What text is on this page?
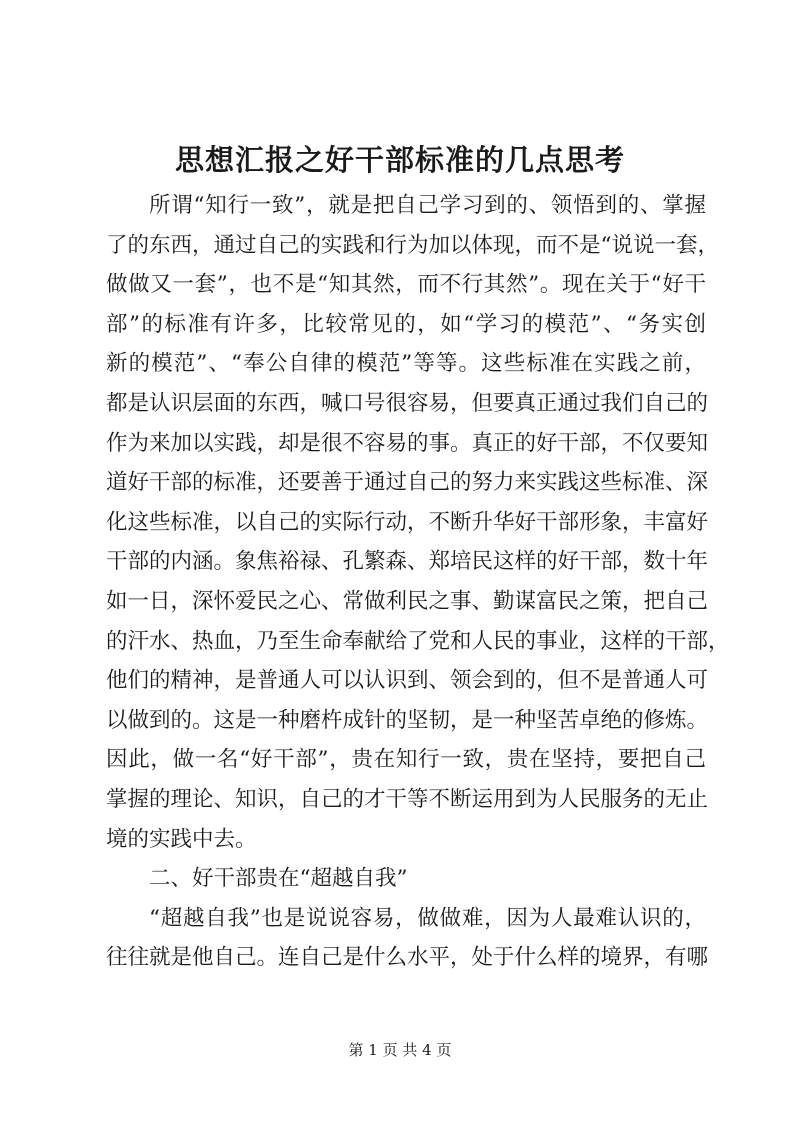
思想汇报之好干部标准的几点思考
所谓“知行一致”，就是把自己学习到的、领悟到的、掌握
了的东西，通过自己的实践和行为加以体现，而不是“说说一套，
做做又一套”，也不是“知其然，而不行其然”。现在关于“好干
部”的标准有许多，比较常见的，如“学习的模范”、“务实创
新的模范”、“奉公自律的模范”等等。这些标准在实践之前，
都是认识层面的东西，喊口号很容易，但要真正通过我们自己的
作为来加以实践，却是很不容易的事。真正的好干部，不仅要知
道好干部的标准，还要善于通过自己的努力来实践这些标准、深
化这些标准，以自己的实际行动，不断升华好干部形象，丰富好
干部的内涵。象焦裕禄、孔繁森、郑培民这样的好干部，数十年
如一日，深怀爱民之心、常做利民之事、勤谋富民之策，把自己
的汗水、热血，乃至生命奉献给了党和人民的事业，这样的干部，
他们的精神，是普通人可以认识到、领会到的，但不是普通人可
以做到的。这是一种磨杵成针的坚韧，是一种坚苦卓绝的修炼。
因此，做一名“好干部”，贵在知行一致，贵在坚持，要把自己
掌握的理论、知识，自己的才干等不断运用到为人民服务的无止
境的实践中去。
二、好干部贵在“超越自我”
“超越自我”也是说说容易，做做难，因为人最难认识的，
往往就是他自己。连自己是什么水平，处于什么样的境界，有哪
第 1 页 共 4 页
